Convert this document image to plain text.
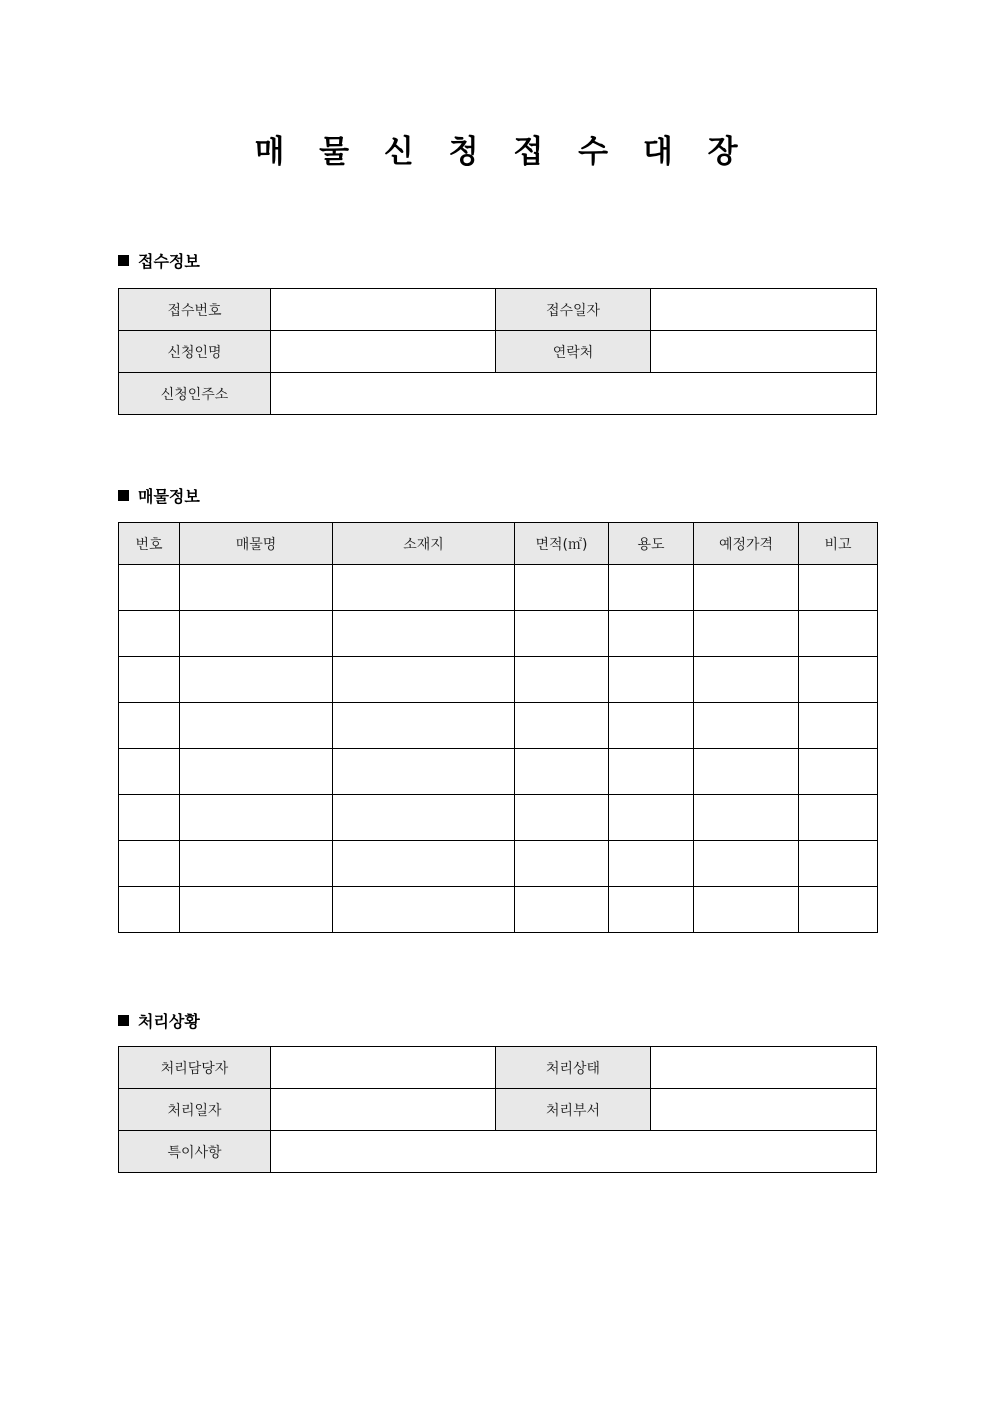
매 물 신 청 접 수 대 장
접수정보
접수번호		접수일자	
신청인명		연락처	
신청인주소			
매물정보
번호	매물명	소재지	면적(㎡)	용도	예정가격	비고

처리상황
처리담당자		처리상태	
처리일자		처리부서	
특이사항			
